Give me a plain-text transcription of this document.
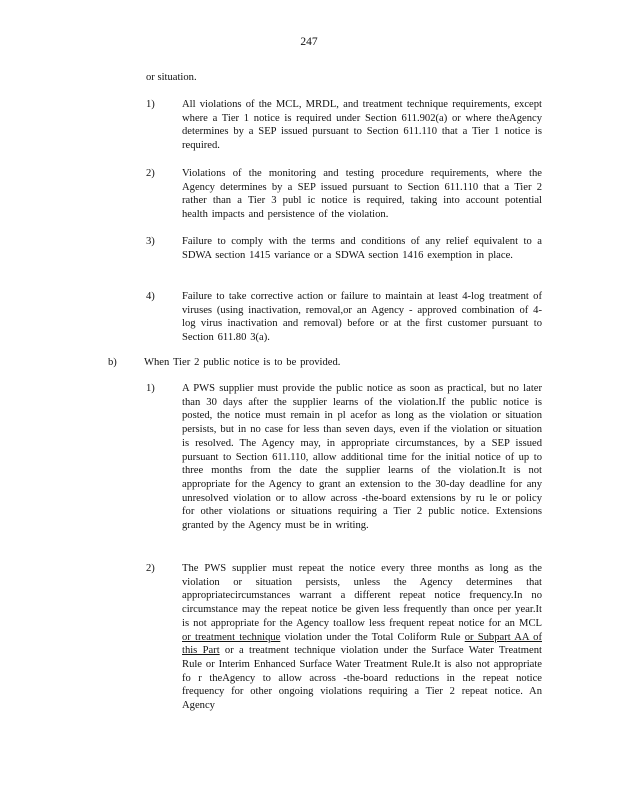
247
or situation.
1)	All violations of the MCL, MRDL, and treatment technique requirements, except where a Tier 1 notice is required under Section 611.902(a) or where theAgency determines by a SEP issued pursuant to Section 611.110 that a Tier 1 notice is required.
2)	Violations of the monitoring and testing procedure requirements, where the Agency determines by a SEP issued pursuant to Section 611.110 that a Tier 2 rather than a Tier 3 publ ic notice is required, taking into account potential health impacts and persistence of the violation.
3)	Failure to comply with the terms and conditions of any relief equivalent to a SDWA section 1415 variance or a SDWA section 1416 exemption in place.
4)	Failure to take corrective action or failure to maintain at least 4-log treatment of viruses (using inactivation, removal,or an Agency - approved combination of 4-log virus inactivation and removal) before or at the first customer pursuant to Section 611.80 3(a).
b)	When Tier 2 public notice is to be provided.
1)	A PWS supplier must provide the public notice as soon as practical, but no later than 30 days after the supplier learns of the violation.If the public notice is posted, the notice must remain in pl acefor as long as the violation or situation persists, but in no case for less than seven days, even if the violation or situation is resolved. The Agency may, in appropriate circumstances, by a SEP issued pursuant to Section 611.110, allow additional time for the initial notice of up to three months from the date the supplier learns of the violation.It is not appropriate for the Agency to grant an extension to the 30-day deadline for any unresolved violation or to allow across -the-board extensions by ru le or policy for other violations or situations requiring a Tier 2 public notice. Extensions granted by the Agency must be in writing.
2)	The PWS supplier must repeat the notice every three months as long as the violation or situation persists, unless the Agency determines that appropriatecircumstances warrant a different repeat notice frequency.In no circumstance may the repeat notice be given less frequently than once per year.It is not appropriate for the Agency toallow less frequent repeat notice for an MCL or treatment technique violation under the Total Coliform Rule or Subpart AA of this Part or a treatment technique violation under the Surface Water Treatment Rule or Interim Enhanced Surface Water Treatment Rule.It is also not appropriate fo r theAgency to allow across -the-board reductions in the repeat notice frequency for other ongoing violations requiring a Tier 2 repeat notice. An Agency
